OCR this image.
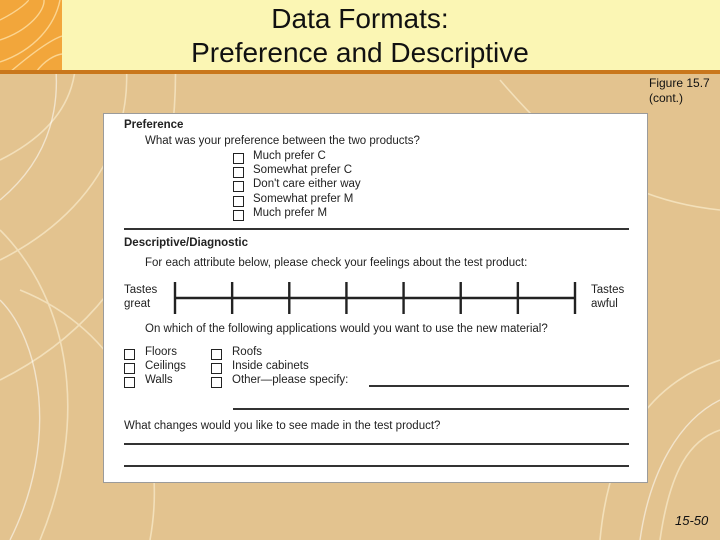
Data Formats:
Preference and Descriptive
Figure 15.7
(cont.)
Preference
What was your preference between the two products?
Much prefer C
Somewhat prefer C
Don't care either way
Somewhat prefer M
Much prefer M
Descriptive/Diagnostic
For each attribute below, please check your feelings about the test product:
Tastes
great
Tastes
awful
On which of the following applications would you want to use the new material?
Floors
Ceilings
Walls
Roofs
Inside cabinets
Other—please specify:
What changes would you like to see made in the test product?
15-50
